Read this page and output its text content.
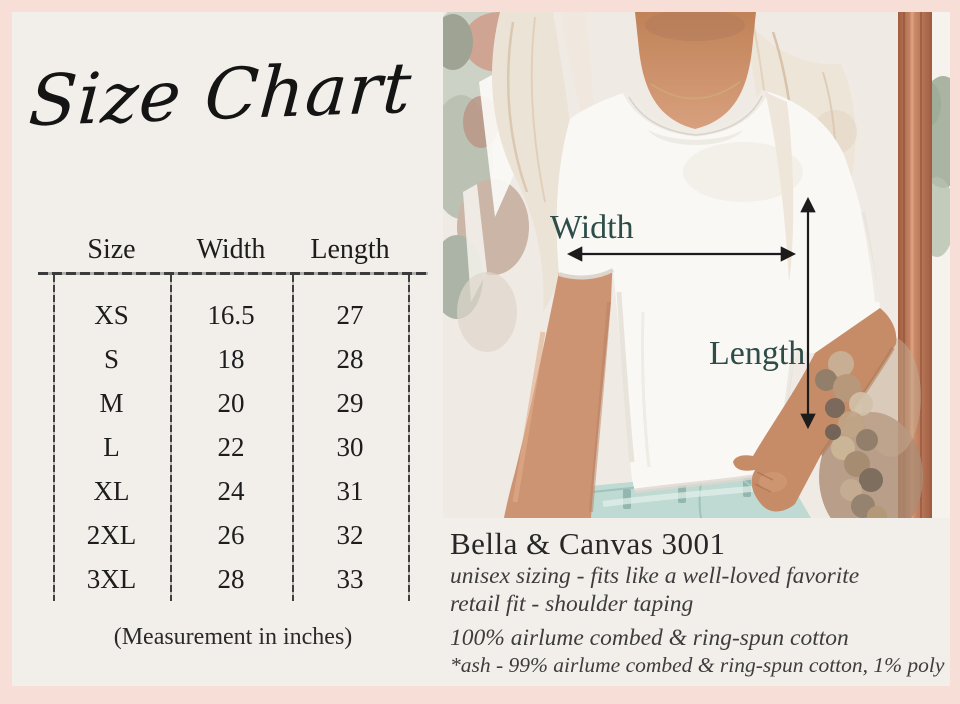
Size Chart
Size	Width	Length
XS	16.5	27
S	18	28
M	20	29
L	22	30
XL	24	31
2XL	26	32
3XL	28	33
(Measurement in inches)
Width
Length
Bella & Canvas 3001
unisex sizing - fits like a well-loved favorite
retail fit - shoulder taping
100% airlume combed & ring-spun cotton
*ash - 99% airlume combed & ring-spun cotton, 1% poly
